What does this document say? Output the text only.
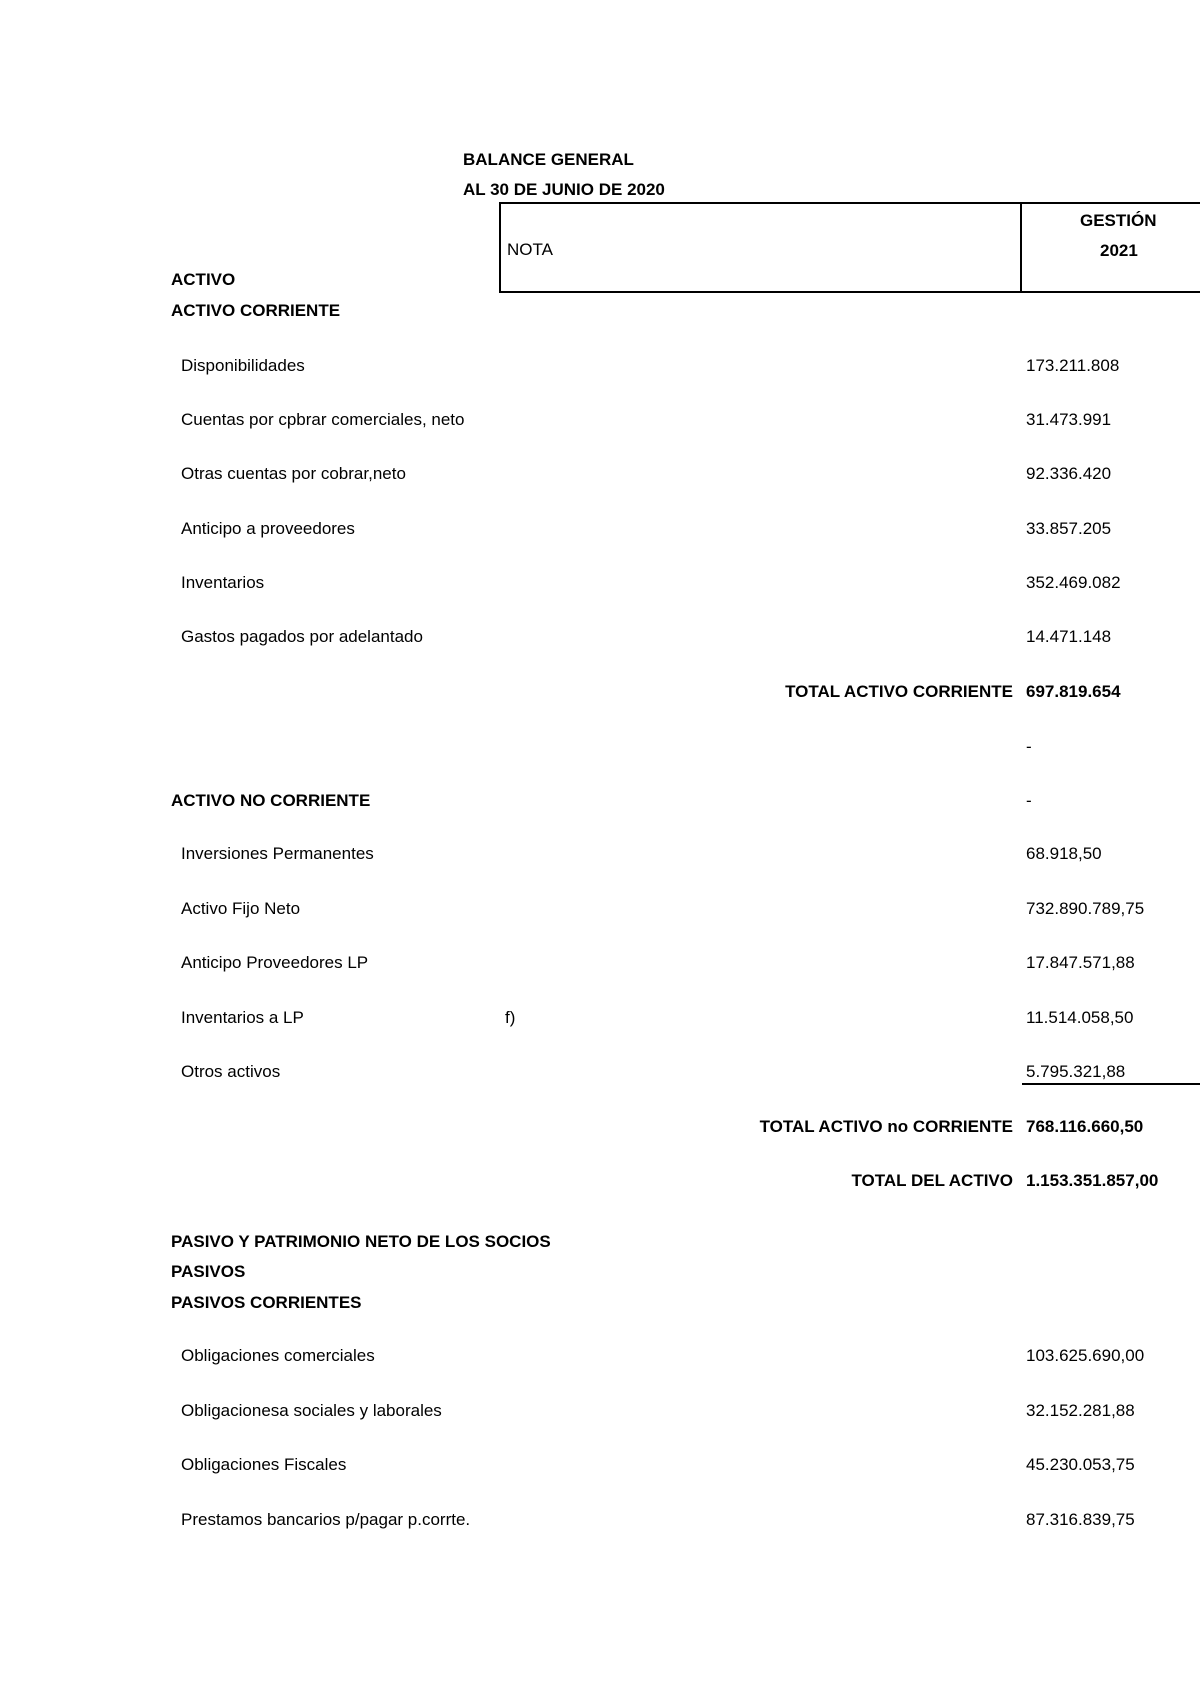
BALANCE GENERAL
AL 30 DE JUNIO DE 2020
NOTA
GESTIÓN
2021
ACTIVO
ACTIVO CORRIENTE
Disponibilidades	173.211.808
Cuentas por cpbrar comerciales, neto	31.473.991
Otras cuentas por cobrar,neto	92.336.420
Anticipo a proveedores	33.857.205
Inventarios	352.469.082
Gastos pagados por adelantado	14.471.148
TOTAL ACTIVO CORRIENTE 697.819.654
-
ACTIVO NO CORRIENTE	-
Inversiones Permanentes	68.918,50
Activo Fijo Neto	732.890.789,75
Anticipo Proveedores LP	17.847.571,88
Inventarios a LP	f)	11.514.058,50
Otros activos	5.795.321,88
TOTAL ACTIVO no CORRIENTE 768.116.660,50
TOTAL DEL ACTIVO 1.153.351.857,00
PASIVO Y PATRIMONIO NETO DE LOS SOCIOS
PASIVOS
PASIVOS CORRIENTES
Obligaciones comerciales	103.625.690,00
Obligacionesa sociales y laborales	32.152.281,88
Obligaciones Fiscales	45.230.053,75
Prestamos bancarios p/pagar p.corrte.	87.316.839,75
